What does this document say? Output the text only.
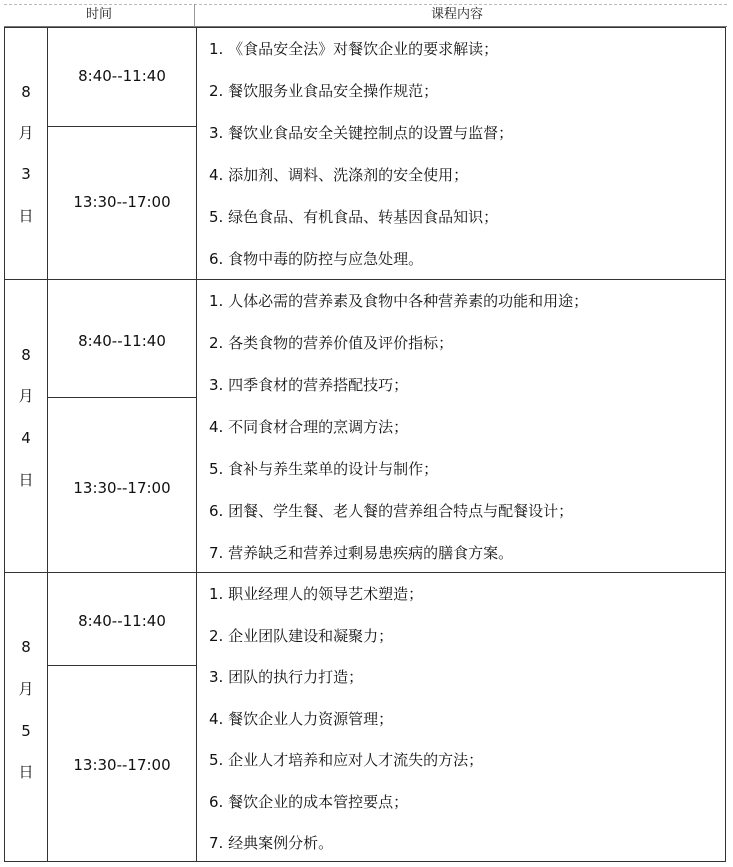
时间	课程内容
8
月
3
日
8:40--11:40
13:30--17:00
1. 《食品安全法》对餐饮企业的要求解读；
2. 餐饮服务业食品安全操作规范；
3. 餐饮业食品安全关键控制点的设置与监督；
4. 添加剂、调料、洗涤剂的安全使用；
5. 绿色食品、有机食品、转基因食品知识；
6. 食物中毒的防控与应急处理。
8
月
4
日
8:40--11:40
13:30--17:00
1. 人体必需的营养素及食物中各种营养素的功能和用途；
2. 各类食物的营养价值及评价指标；
3. 四季食材的营养搭配技巧；
4. 不同食材合理的烹调方法；
5. 食补与养生菜单的设计与制作；
6. 团餐、学生餐、老人餐的营养组合特点与配餐设计；
7. 营养缺乏和营养过剩易患疾病的膳食方案。
8
月
5
日
8:40--11:40
13:30--17:00
1. 职业经理人的领导艺术塑造；
2. 企业团队建设和凝聚力；
3. 团队的执行力打造；
4. 餐饮企业人力资源管理；
5. 企业人才培养和应对人才流失的方法；
6. 餐饮企业的成本管控要点；
7. 经典案例分析。
